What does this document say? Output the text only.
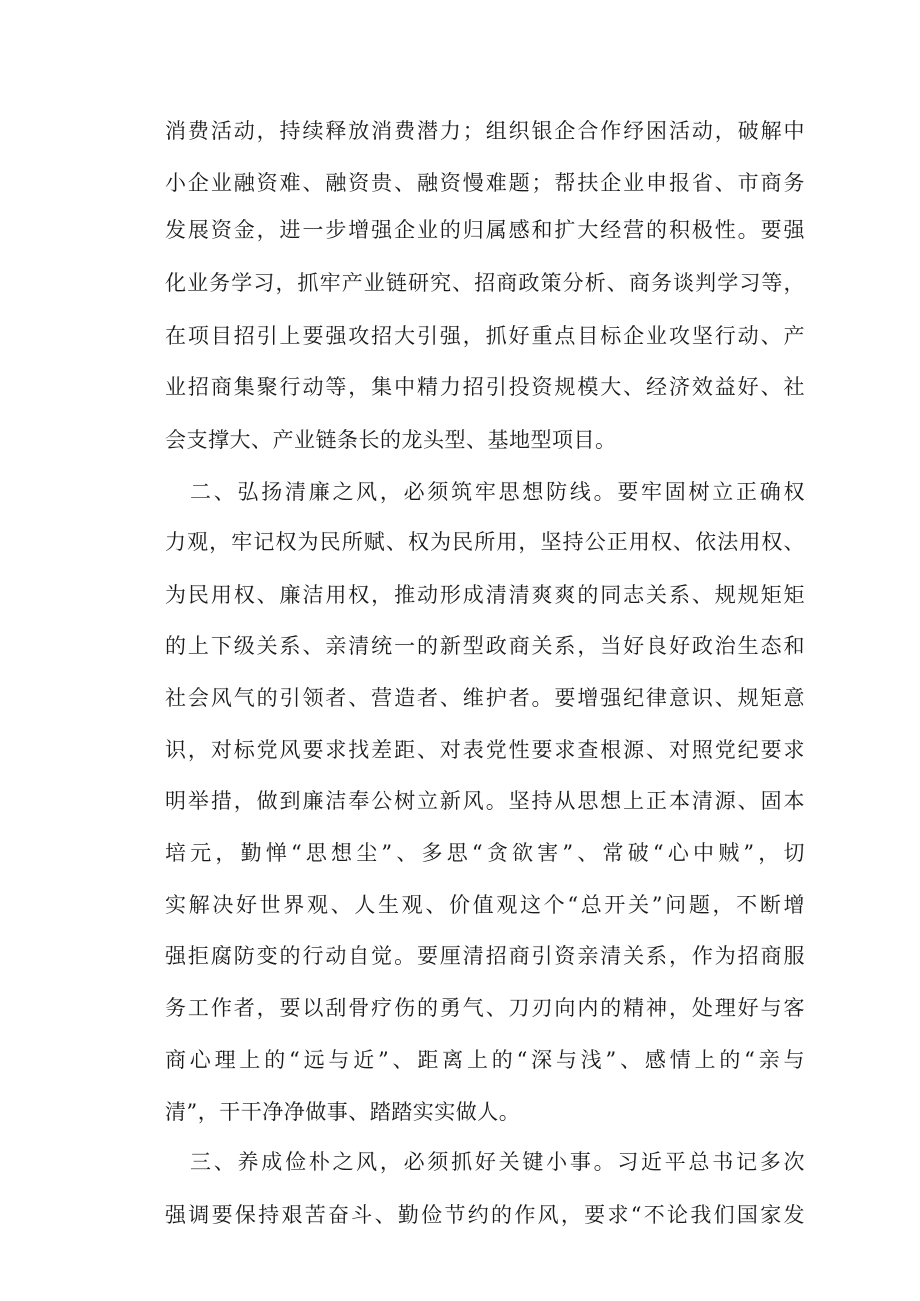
消费活动，持续释放消费潜力；组织银企合作纾困活动，破解中
小企业融资难、融资贵、融资慢难题；帮扶企业申报省、市商务
发展资金，进一步增强企业的归属感和扩大经营的积极性。要强
化业务学习，抓牢产业链研究、招商政策分析、商务谈判学习等，
在项目招引上要强攻招大引强，抓好重点目标企业攻坚行动、产
业招商集聚行动等，集中精力招引投资规模大、经济效益好、社
会支撑大、产业链条长的龙头型、基地型项目。
二、弘扬清廉之风，必须筑牢思想防线。要牢固树立正确权
力观，牢记权为民所赋、权为民所用，坚持公正用权、依法用权、
为民用权、廉洁用权，推动形成清清爽爽的同志关系、规规矩矩
的上下级关系、亲清统一的新型政商关系，当好良好政治生态和
社会风气的引领者、营造者、维护者。要增强纪律意识、规矩意
识，对标党风要求找差距、对表党性要求查根源、对照党纪要求
明举措，做到廉洁奉公树立新风。坚持从思想上正本清源、固本
培元，勤惮“思想尘”、多思“贪欲害”、常破“心中贼”，切
实解决好世界观、人生观、价值观这个“总开关”问题，不断增
强拒腐防变的行动自觉。要厘清招商引资亲清关系，作为招商服
务工作者，要以刮骨疗伤的勇气、刀刃向内的精神，处理好与客
商心理上的“远与近”、距离上的“深与浅”、感情上的“亲与
清”，干干净净做事、踏踏实实做人。
三、养成俭朴之风，必须抓好关键小事。习近平总书记多次
强调要保持艰苦奋斗、勤俭节约的作风，要求“不论我们国家发
